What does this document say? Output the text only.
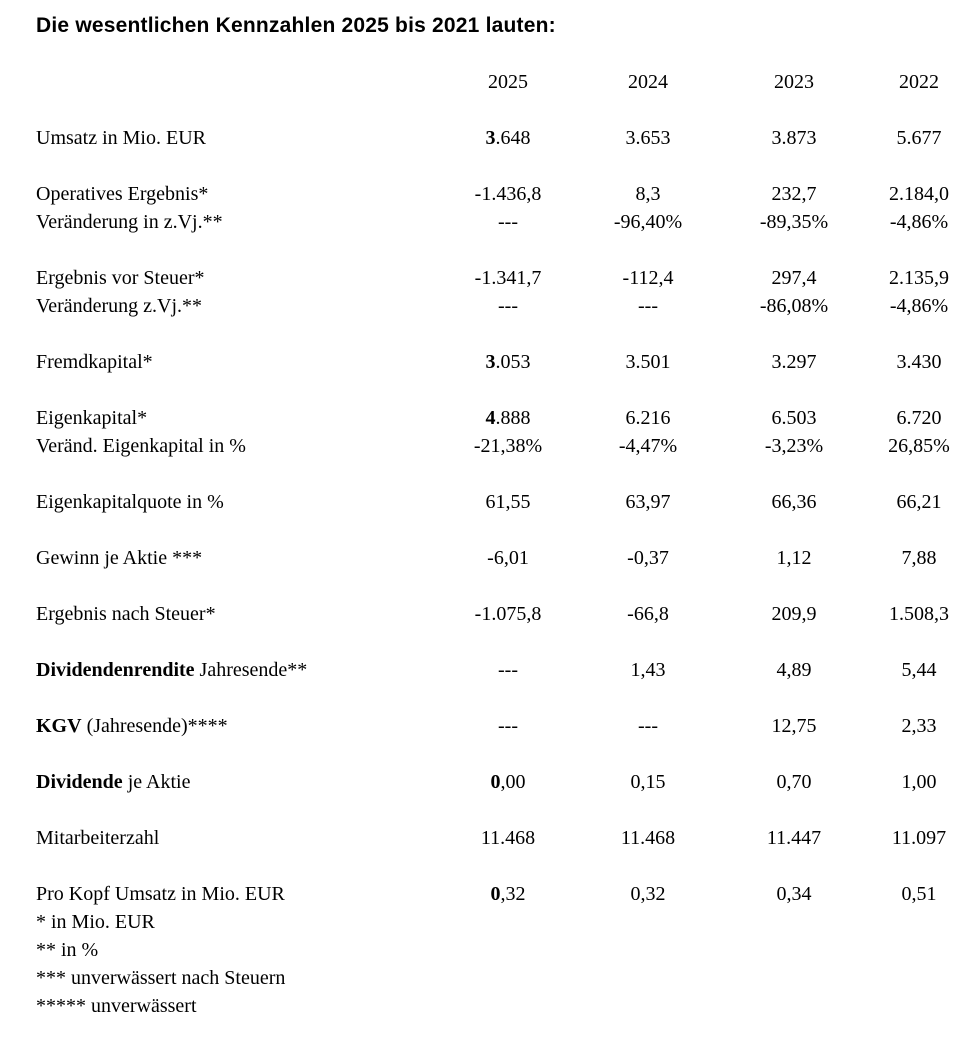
Die wesentlichen Kennzahlen 2025 bis 2021 lauten:
	2025	2024	2023	2022

Umsatz in Mio. EUR	3.648	3.653	3.873	5.677

Operatives Ergebnis*	-1.436,8	8,3	232,7	2.184,0
Veränderung in z.Vj.**	---	-96,40%	-89,35%	-4,86%

Ergebnis vor Steuer*	-1.341,7	-112,4	297,4	2.135,9
Veränderung z.Vj.**	---	---	-86,08%	-4,86%

Fremdkapital*	3.053	3.501	3.297	3.430

Eigenkapital*	4.888	6.216	6.503	6.720
Veränd. Eigenkapital in %	-21,38%	-4,47%	-3,23%	26,85%

Eigenkapitalquote in %	61,55	63,97	66,36	66,21

Gewinn je Aktie ***	-6,01	-0,37	1,12	7,88

Ergebnis nach Steuer*	-1.075,8	-66,8	209,9	1.508,3

Dividendenrendite Jahresende**	---	1,43	4,89	5,44

KGV (Jahresende)****	---	---	12,75	2,33

Dividende je Aktie	0,00	0,15	0,70	1,00

Mitarbeiterzahl	11.468	11.468	11.447	11.097

Pro Kopf Umsatz in Mio. EUR	0,32	0,32	0,34	0,51
* in Mio. EUR
** in %
*** unverwässert nach Steuern
***** unverwässert
